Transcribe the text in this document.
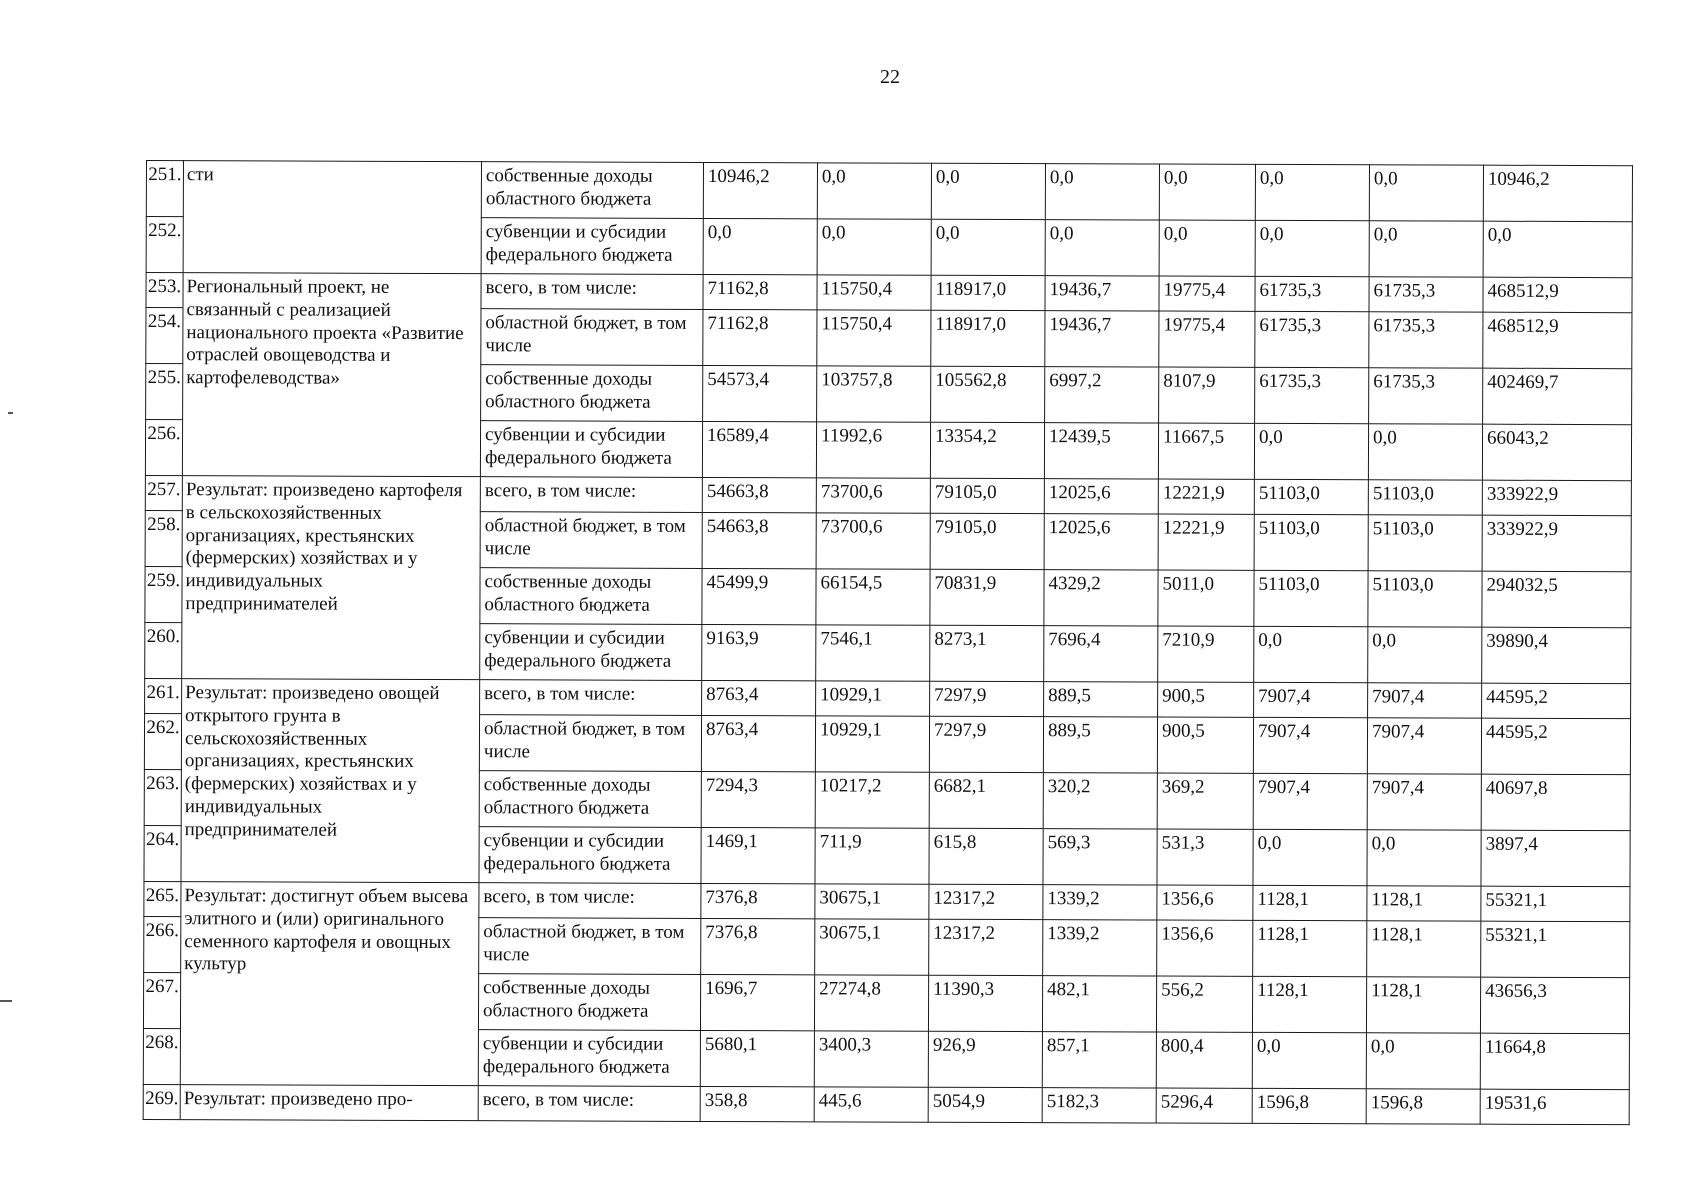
22
251.	сти	собственные доходы областного бюджета	10946,2	0,0	0,0	0,0	0,0	0,0	0,0	10946,2
252.		субвенции и субсидии федерального бюджета	0,0	0,0	0,0	0,0	0,0	0,0	0,0	0,0
253.	Региональный проект, не связанный с реализацией национального проекта «Развитие отраслей овощеводства и картофелеводства»	всего, в том числе:	71162,8	115750,4	118917,0	19436,7	19775,4	61735,3	61735,3	468512,9
254.		областной бюджет, в том числе	71162,8	115750,4	118917,0	19436,7	19775,4	61735,3	61735,3	468512,9
255.		собственные доходы областного бюджета	54573,4	103757,8	105562,8	6997,2	8107,9	61735,3	61735,3	402469,7
256.		субвенции и субсидии федерального бюджета	16589,4	11992,6	13354,2	12439,5	11667,5	0,0	0,0	66043,2
257.	Результат: произведено картофеля в сельскохозяйственных организациях, крестьянских (фермерских) хозяйствах и у индивидуальных предпринимателей	всего, в том числе:	54663,8	73700,6	79105,0	12025,6	12221,9	51103,0	51103,0	333922,9
258.		областной бюджет, в том числе	54663,8	73700,6	79105,0	12025,6	12221,9	51103,0	51103,0	333922,9
259.		собственные доходы областного бюджета	45499,9	66154,5	70831,9	4329,2	5011,0	51103,0	51103,0	294032,5
260.		субвенции и субсидии федерального бюджета	9163,9	7546,1	8273,1	7696,4	7210,9	0,0	0,0	39890,4
261.	Результат: произведено овощей открытого грунта в сельскохозяйственных организациях, крестьянских (фермерских) хозяйствах и у индивидуальных предпринимателей	всего, в том числе:	8763,4	10929,1	7297,9	889,5	900,5	7907,4	7907,4	44595,2
262.		областной бюджет, в том числе	8763,4	10929,1	7297,9	889,5	900,5	7907,4	7907,4	44595,2
263.		собственные доходы областного бюджета	7294,3	10217,2	6682,1	320,2	369,2	7907,4	7907,4	40697,8
264.		субвенции и субсидии федерального бюджета	1469,1	711,9	615,8	569,3	531,3	0,0	0,0	3897,4
265.	Результат: достигнут объем высева элитного и (или) оригинального семенного картофеля и овощных культур	всего, в том числе:	7376,8	30675,1	12317,2	1339,2	1356,6	1128,1	1128,1	55321,1
266.		областной бюджет, в том числе	7376,8	30675,1	12317,2	1339,2	1356,6	1128,1	1128,1	55321,1
267.		собственные доходы областного бюджета	1696,7	27274,8	11390,3	482,1	556,2	1128,1	1128,1	43656,3
268.		субвенции и субсидии федерального бюджета	5680,1	3400,3	926,9	857,1	800,4	0,0	0,0	11664,8
269.	Результат: произведено про-	всего, в том числе:	358,8	445,6	5054,9	5182,3	5296,4	1596,8	1596,8	19531,6
